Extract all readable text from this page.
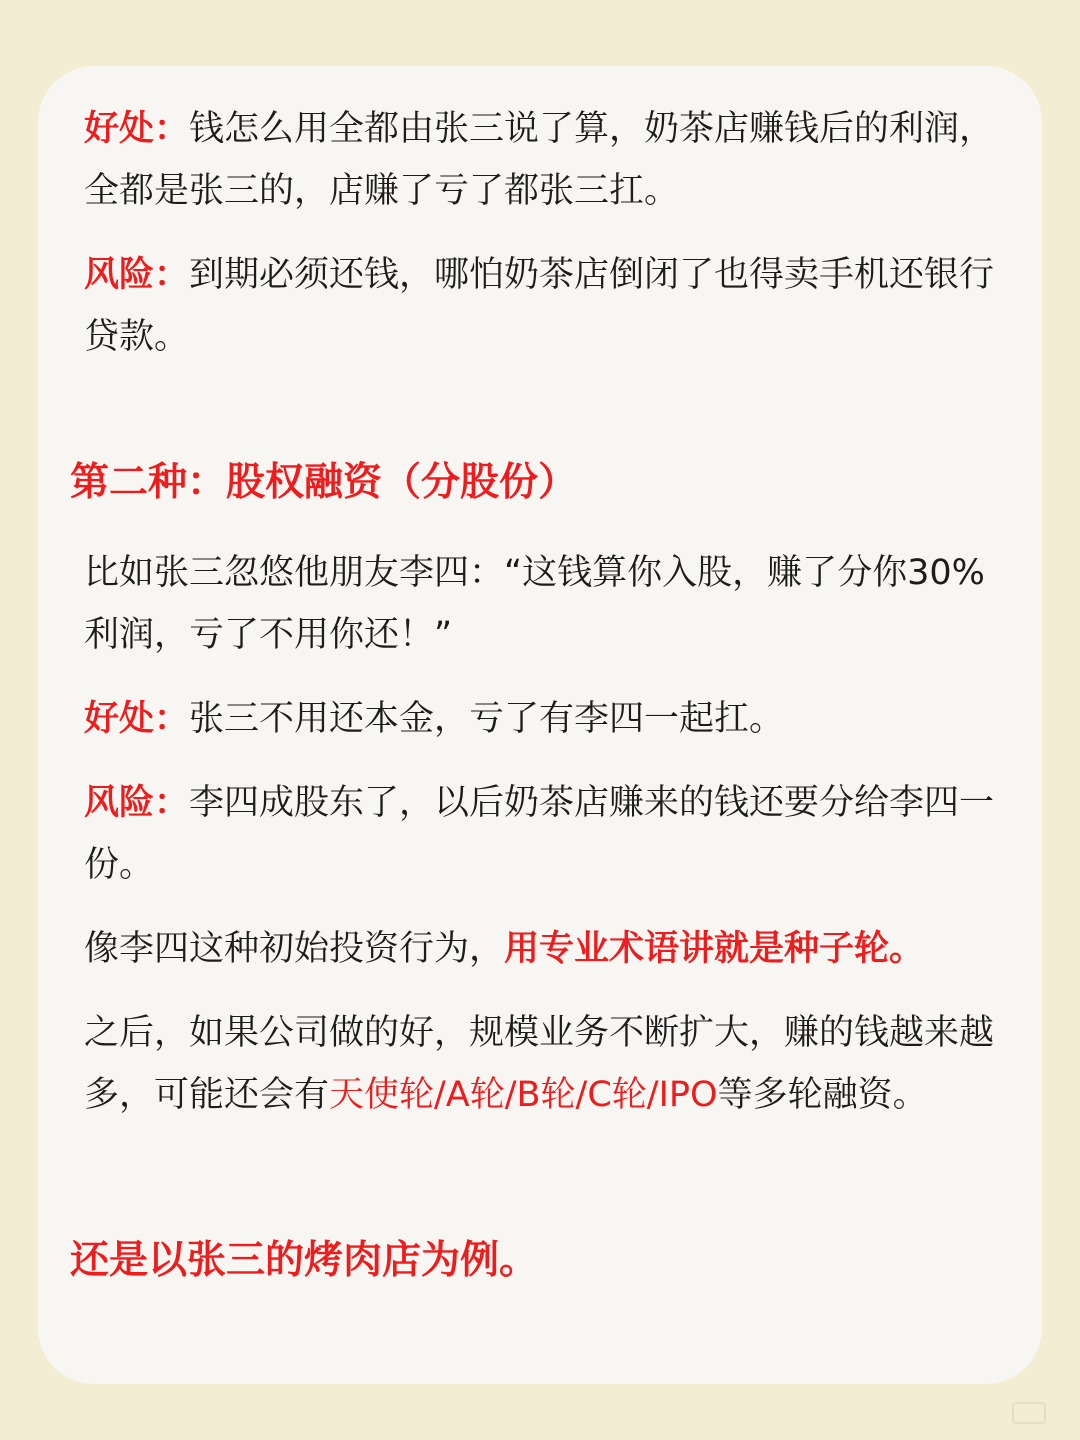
好处：钱怎么用全都由张三说了算，奶茶店赚钱后的利润，全都是张三的，店赚了亏了都张三扛。

风险：到期必须还钱，哪怕奶茶店倒闭了也得卖手机还银行贷款。

第二种：股权融资（分股份）

比如张三忽悠他朋友李四：“这钱算你入股，赚了分你30%利润，亏了不用你还！”

好处：张三不用还本金，亏了有李四一起扛。

风险：李四成股东了，以后奶茶店赚来的钱还要分给李四一份。

像李四这种初始投资行为，用专业术语讲就是种子轮。

之后，如果公司做的好，规模业务不断扩大，赚的钱越来越多，可能还会有天使轮/A轮/B轮/C轮/IPO等多轮融资。

还是以张三的烤肉店为例。
